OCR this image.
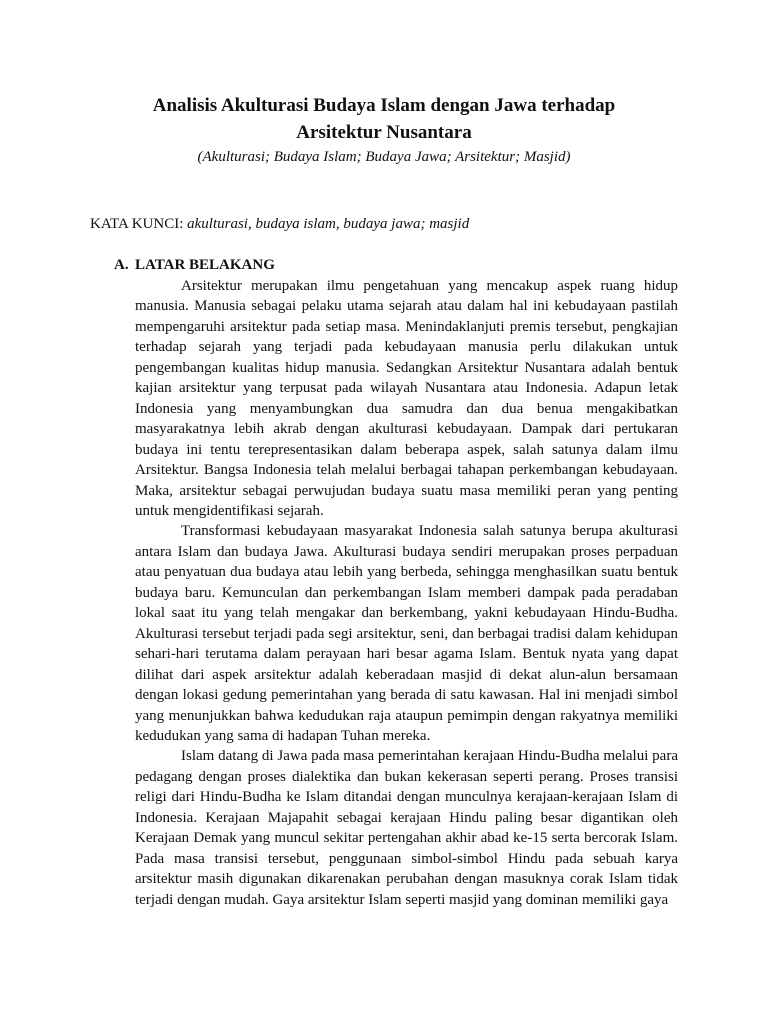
Analisis Akulturasi Budaya Islam dengan Jawa terhadap
Arsitektur Nusantara

(Akulturasi; Budaya Islam; Budaya Jawa; Arsitektur; Masjid)

KATA KUNCI: akulturasi, budaya islam, budaya jawa; masjid

A. LATAR BELAKANG

Arsitektur merupakan ilmu pengetahuan yang mencakup aspek ruang hidup manusia. Manusia sebagai pelaku utama sejarah atau dalam hal ini kebudayaan pastilah mempengaruhi arsitektur pada setiap masa. Menindaklanjuti premis tersebut, pengkajian terhadap sejarah yang terjadi pada kebudayaan manusia perlu dilakukan untuk pengembangan kualitas hidup manusia. Sedangkan Arsitektur Nusantara adalah bentuk kajian arsitektur yang terpusat pada wilayah Nusantara atau Indonesia. Adapun letak Indonesia yang menyambungkan dua samudra dan dua benua mengakibatkan masyarakatnya lebih akrab dengan akulturasi kebudayaan. Dampak dari pertukaran budaya ini tentu terepresentasikan dalam beberapa aspek, salah satunya dalam ilmu Arsitektur. Bangsa Indonesia telah melalui berbagai tahapan perkembangan kebudayaan. Maka, arsitektur sebagai perwujudan budaya suatu masa memiliki peran yang penting untuk mengidentifikasi sejarah.

Transformasi kebudayaan masyarakat Indonesia salah satunya berupa akulturasi antara Islam dan budaya Jawa. Akulturasi budaya sendiri merupakan proses perpaduan atau penyatuan dua budaya atau lebih yang berbeda, sehingga menghasilkan suatu bentuk budaya baru. Kemunculan dan perkembangan Islam memberi dampak pada peradaban lokal saat itu yang telah mengakar dan berkembang, yakni kebudayaan Hindu-Budha. Akulturasi tersebut terjadi pada segi arsitektur, seni, dan berbagai tradisi dalam kehidupan sehari-hari terutama dalam perayaan hari besar agama Islam. Bentuk nyata yang dapat dilihat dari aspek arsitektur adalah keberadaan masjid di dekat alun-alun bersamaan dengan lokasi gedung pemerintahan yang berada di satu kawasan. Hal ini menjadi simbol yang menunjukkan bahwa kedudukan raja ataupun pemimpin dengan rakyatnya memiliki kedudukan yang sama di hadapan Tuhan mereka.

Islam datang di Jawa pada masa pemerintahan kerajaan Hindu-Budha melalui para pedagang dengan proses dialektika dan bukan kekerasan seperti perang. Proses transisi religi dari Hindu-Budha ke Islam ditandai dengan munculnya kerajaan-kerajaan Islam di Indonesia. Kerajaan Majapahit sebagai kerajaan Hindu paling besar digantikan oleh Kerajaan Demak yang muncul sekitar pertengahan akhir abad ke-15 serta bercorak Islam. Pada masa transisi tersebut, penggunaan simbol-simbol Hindu pada sebuah karya arsitektur masih digunakan dikarenakan perubahan dengan masuknya corak Islam tidak terjadi dengan mudah. Gaya arsitektur Islam seperti masjid yang dominan memiliki gaya
